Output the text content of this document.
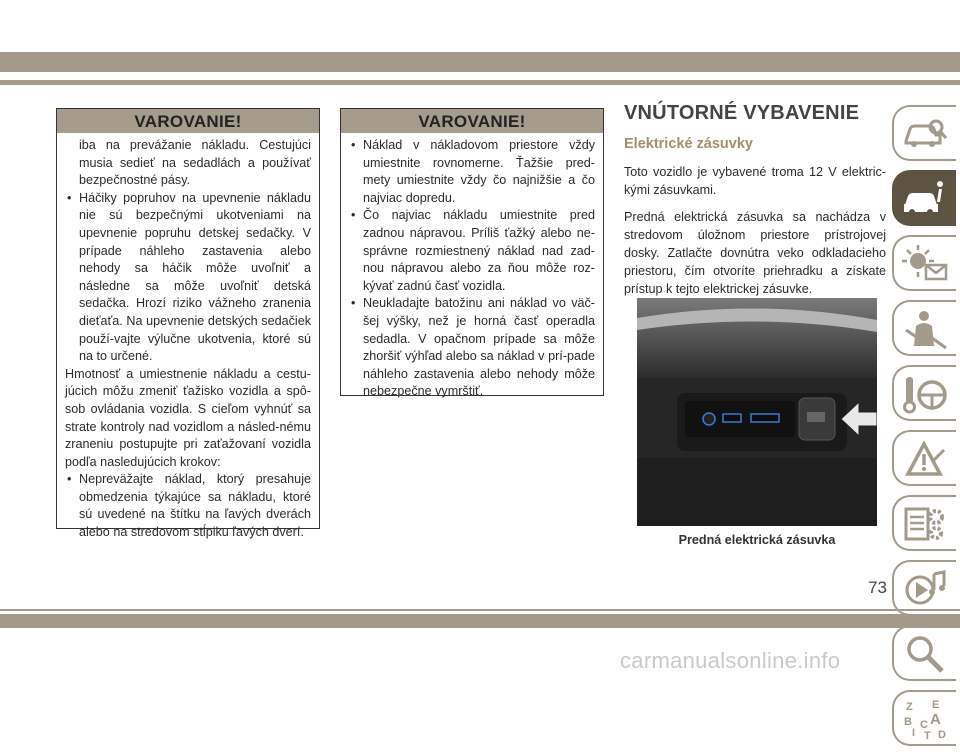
VAROVANIE!

iba na prevážanie nákladu. Cestujúci musia sedieť na sedadlách a používať bezpečnostné pásy.

• Háčiky popruhov na upevnenie nákladu nie sú bezpečnými ukotveniami na upevnenie popruhu detskej sedačky. V prípade náhleho zastavenia alebo nehody sa háčik môže uvoľniť a následne sa môže uvoľniť detská sedačka. Hrozí riziko vážneho zranenia dieťaťa. Na upevnenie detských sedačiek použí-vajte výlučne ukotvenia, ktoré sú na to určené.

Hmotnosť a umiestnenie nákladu a cestu-júcich môžu zmeniť ťažisko vozidla a spô-sob ovládania vozidla. S cieľom vyhnúť sa strate kontroly nad vozidlom a násled-nému zraneniu postupujte pri zaťažovaní vozidla podľa nasledujúcich krokov:

• Nepreväžajte náklad, ktorý presahuje obmedzenia týkajúce sa nákladu, ktoré sú uvedené na štítku na ľavých dverách alebo na stredovom stĺpiku ľavých dverí.
VAROVANIE!
• Náklad v nákladovom priestore vždy umiestnite rovnomerne. Ťažšie pred-mety umiestnite vždy čo najnižšie a čo najviac dopredu.
• Čo najviac nákladu umiestnite pred zadnou nápravou. Príliš ťažký alebo ne-správne rozmiestnený náklad nad zad-nou nápravou alebo za ňou môže roz-kývať zadnú časť vozidla.
• Neukladajte batožinu ani náklad vo väč-šej výšky, než je horná časť operadla sedadla. V opačnom prípade sa môže zhoršiť výhľad alebo sa náklad v prí-pade náhleho zastavenia alebo nehody môže nebezpečne vymrštiť.
VNÚTORNÉ VYBAVENIE
Elektrické zásuvky

Toto vozidlo je vybavené troma 12 V elektric-kými zásuvkami.

Predná elektrická zásuvka sa nachádza v stredovom úložnom priestore prístrojovej dosky. Zatlačte dovnútra veko odkladacieho priestoru, čím otvoríte priehradku a získate prístup k tejto elektrickej zásuvke.

Predná elektrická zásuvka
Z E
B A
I
C
T D
73
carmanualsonline.info
